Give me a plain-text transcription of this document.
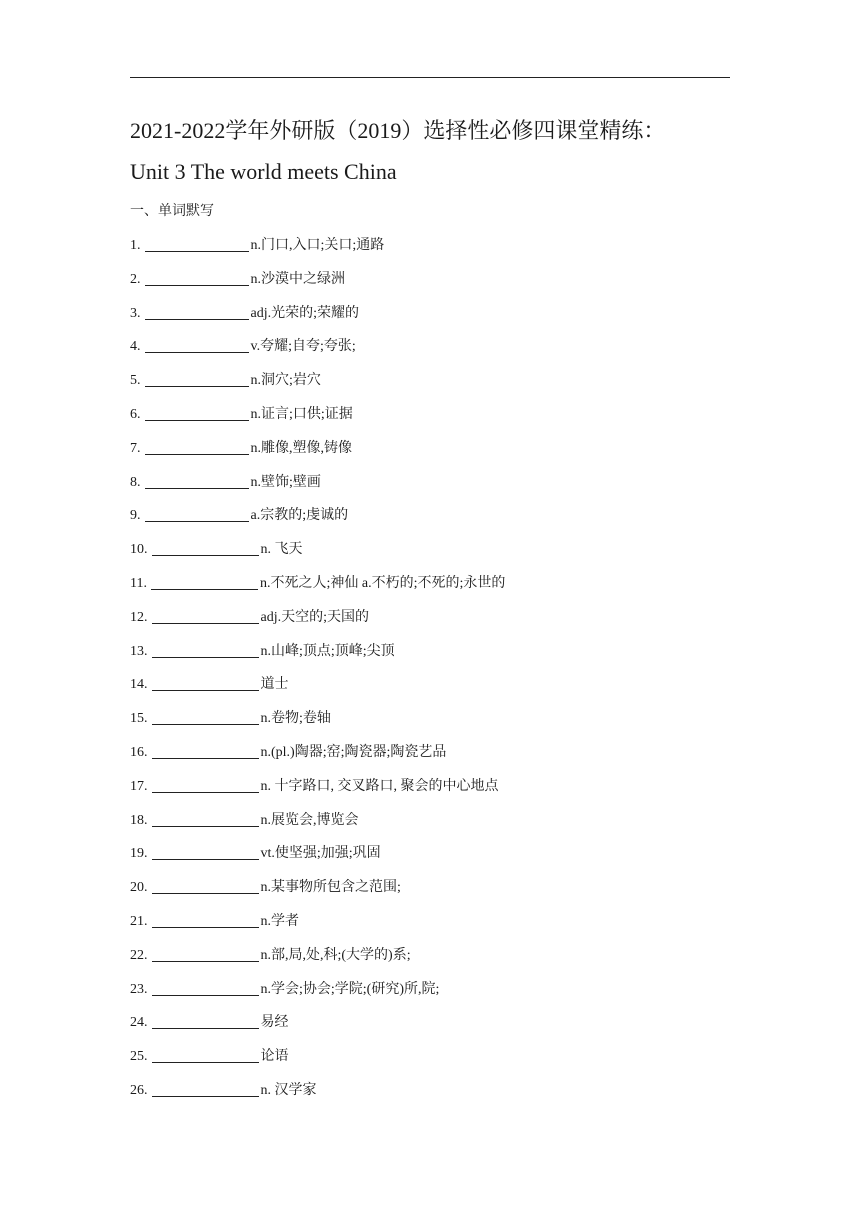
2021-2022学年外研版（2019）选择性必修四课堂精练：
Unit 3 The world meets China
一、单词默写
1.	n.门口,入口;关口;通路
2.	n.沙漠中之绿洲
3.	adj.光荣的;荣耀的
4.	v.夸耀;自夸;夸张;
5.	n.洞穴;岩穴
6.	n.证言;口供;证据
7.	n.雕像,塑像,铸像
8.	n.壁饰;壁画
9.	a.宗教的;虔诚的
10.	n. 飞天
11.	n.不死之人;神仙 a.不朽的;不死的;永世的
12.	adj.天空的;天国的
13.	n.山峰;顶点;顶峰;尖顶
14.	道士
15.	n.卷物;卷轴
16.	n.(pl.)陶器;窑;陶瓷器;陶瓷艺品
17.	n. 十字路口, 交叉路口, 聚会的中心地点
18.	n.展览会,博览会
19.	vt.使坚强;加强;巩固
20.	n.某事物所包含之范围;
21.	n.学者
22.	n.部,局,处,科;(大学的)系;
23.	n.学会;协会;学院;(研究)所,院;
24.	易经
25.	论语
26.	n. 汉学家
